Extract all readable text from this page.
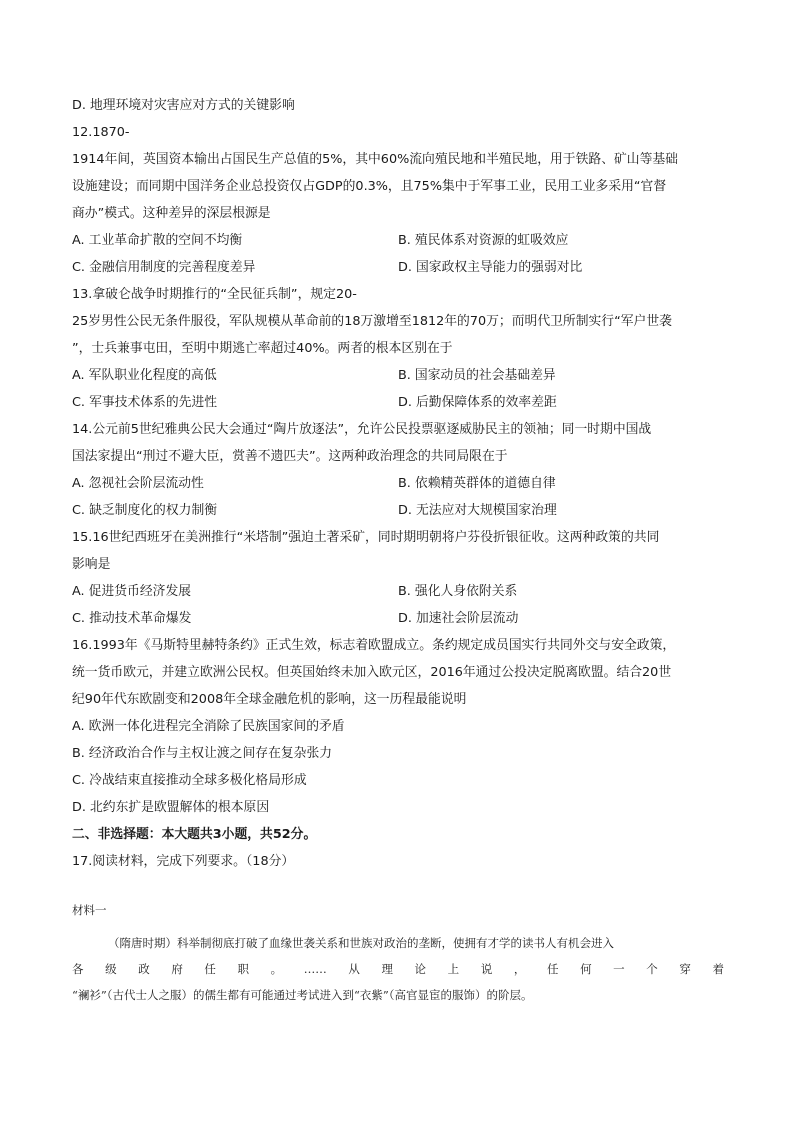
D. 地理环境对灾害应对方式的关键影响
12.1870-
1914年间，英国资本输出占国民生产总值的5%，其中60%流向殖民地和半殖民地，用于铁路、矿山等基础
设施建设；而同期中国洋务企业总投资仅占GDP的0.3%，且75%集中于军事工业，民用工业多采用“官督
商办”模式。这种差异的深层根源是
A. 工业革命扩散的空间不均衡	B. 殖民体系对资源的虹吸效应
C. 金融信用制度的完善程度差异	D. 国家政权主导能力的强弱对比
13.拿破仑战争时期推行的“全民征兵制”，规定20-
25岁男性公民无条件服役，军队规模从革命前的18万激增至1812年的70万；而明代卫所制实行“军户世袭
”，士兵兼事屯田，至明中期逃亡率超过40%。两者的根本区别在于
A. 军队职业化程度的高低	B. 国家动员的社会基础差异
C. 军事技术体系的先进性	D. 后勤保障体系的效率差距
14.公元前5世纪雅典公民大会通过“陶片放逐法”，允许公民投票驱逐威胁民主的领袖；同一时期中国战
国法家提出“刑过不避大臣，赏善不遗匹夫”。这两种政治理念的共同局限在于
A. 忽视社会阶层流动性	B. 依赖精英群体的道德自律
C. 缺乏制度化的权力制衡	D. 无法应对大规模国家治理
15.16世纪西班牙在美洲推行“米塔制”强迫土著采矿，同时期明朝将户芬役折银征收。这两种政策的共同
影响是
A. 促进货币经济发展	B. 强化人身依附关系
C. 推动技术革命爆发	D. 加速社会阶层流动
16.1993年《马斯特里赫特条约》正式生效，标志着欧盟成立。条约规定成员国实行共同外交与安全政策，
统一货币欧元，并建立欧洲公民权。但英国始终未加入欧元区，2016年通过公投决定脱离欧盟。结合20世
纪90年代东欧剧变和2008年全球金融危机的影响，这一历程最能说明
A. 欧洲一体化进程完全消除了民族国家间的矛盾
B. 经济政治合作与主权让渡之间存在复杂张力
C. 冷战结束直接推动全球多极化格局形成
D. 北约东扩是欧盟解体的根本原因
二、非选择题：本大题共3小题，共52分。
17.阅读材料，完成下列要求。（18分）
材料一
（隋唐时期）科举制彻底打破了血缘世袭关系和世族对政治的垄断，使拥有才学的读书人有机会进入
各级政府任职。……从理论上说，任何一个穿着
“襕衫”（古代士人之服）的儒生都有可能通过考试进入到“衣紫”（高官显宦的服饰）的阶层。
